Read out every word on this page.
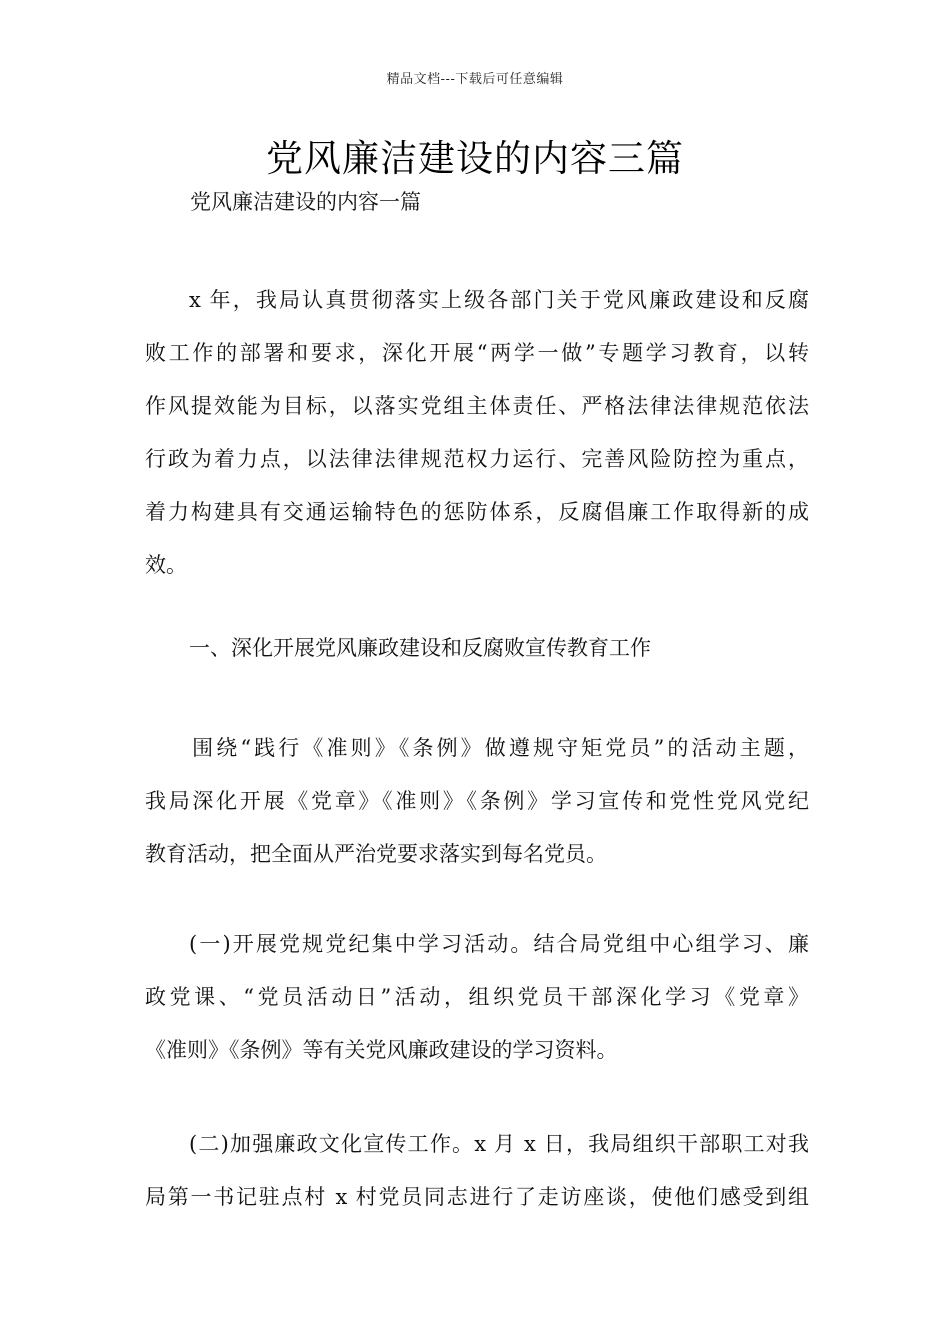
精品文档---下载后可任意编辑
党风廉洁建设的内容三篇
党风廉洁建设的内容一篇
x 年，我局认真贯彻落实上级各部门关于党风廉政建设和反腐
败工作的部署和要求，深化开展“两学一做”专题学习教育，以转
作风提效能为目标，以落实党组主体责任、严格法律法律规范依法
行政为着力点，以法律法律规范权力运行、完善风险防控为重点，
着力构建具有交通运输特色的惩防体系，反腐倡廉工作取得新的成
效。
一、深化开展党风廉政建设和反腐败宣传教育工作
围绕“践行《准则》《条例》做遵规守矩党员”的活动主题，
我局深化开展《党章》《准则》《条例》学习宣传和党性党风党纪
教育活动，把全面从严治党要求落实到每名党员。
(一)开展党规党纪集中学习活动。结合局党组中心组学习、廉
政党课、“党员活动日”活动，组织党员干部深化学习《党章》
《准则》《条例》等有关党风廉政建设的学习资料。
(二)加强廉政文化宣传工作。x 月 x 日，我局组织干部职工对我
局第一书记驻点村 x 村党员同志进行了走访座谈，使他们感受到组
